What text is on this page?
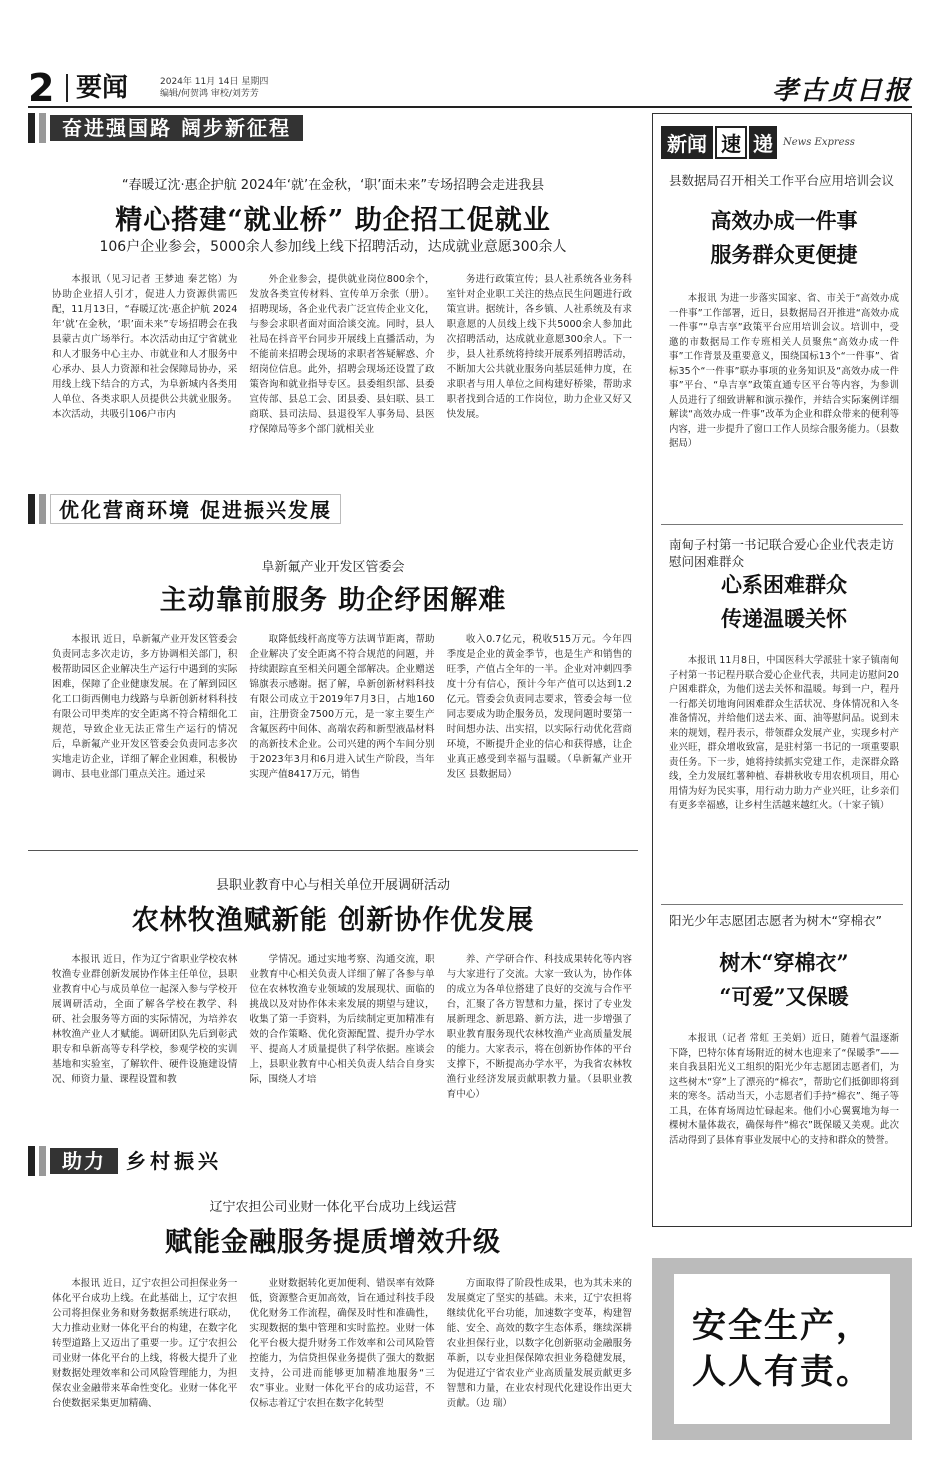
2 要闻	2024年 11月 14日 星期四
编辑/何贺鸿 审校/刘芳芳	孝古贞日报
奋进强国路 阔步新征程
“春暖辽沈·惠企护航 2024年‘就’在金秋，‘职’面未来”专场招聘会走进我县
精心搭建“就业桥” 助企招工促就业
106户企业参会，5000余人参加线上线下招聘活动，达成就业意愿300余人

本报讯（见习记者 王梦迪 秦艺铭）为协助企业招人引才，促进人力资源供需匹配，11月13日，“春暖辽沈·惠企护航 2024年‘就’在金秋，‘职’面未来”专场招聘会在我县蒙古贞广场举行。本次活动由辽宁省就业和人才服务中心主办、市就业和人才服务中心承办、县人力资源和社会保障局协办，采用线上线下结合的方式，为阜新城内各类用人单位、各类求职人员提供公共就业服务。本次活动，共吸引106户市内

外企业参会，提供就业岗位800余个，发放各类宣传材料、宣传单万余张（册）。招聘现场，各企业代表广泛宣传企业文化，与参会求职者面对面洽谈交流。同时，县人社局在抖音平台同步开展线上直播活动，为不能前来招聘会现场的求职者答疑解惑、介绍岗位信息。此外，招聘会现场还设置了政策咨询和就业指导专区。县委组织部、县委宣传部、县总工会、团县委、县妇联、县工商联、县司法局、县退役军人事务局、县医疗保障局等多个部门就相关业

务进行政策宣传；县人社系统各业务科室针对企业职工关注的热点民生问题进行政策宣讲。据统计，各乡镇、人社系统及有求职意愿的人员线上线下共5000余人参加此次招聘活动，达成就业意愿300余人。下一步，县人社系统将持续开展系列招聘活动，不断加大公共就业服务向基层延伸力度，在求职者与用人单位之间构建好桥梁，帮助求职者找到合适的工作岗位，助力企业又好又快发展。

优化营商环境 促进振兴发展
阜新氟产业开发区管委会
主动靠前服务 助企纾困解难

本报讯 近日，阜新氟产业开发区管委会负责同志多次走访，多方协调相关部门，积极帮助园区企业解决生产运行中遇到的实际困难，保障了企业健康发展。在了解到园区化工口街西侧电力线路与阜新创新材料科技有限公司甲类库的安全距离不符合精细化工规范，导致企业无法正常生产运行的情况后，阜新氟产业开发区管委会负责同志多次实地走访企业，详细了解企业困难，积极协调市、县电业部门重点关注。通过采

取降低线杆高度等方法调节距离，帮助企业解决了安全距离不符合规范的问题，并持续跟踪直至相关问题全部解决。企业赠送锦旗表示感谢。据了解，阜新创新材料科技有限公司成立于2019年7月3日，占地160亩，注册资金7500万元，是一家主要生产含氟医药中间体、高端农药和新型液晶材料的高新技术企业。公司兴建的两个车间分别于2023年3月和6月进入试生产阶段，当年实现产值8417万元，销售

收入0.7亿元，税收515万元。今年四季度是企业的黄金季节，也是生产和销售的旺季，产值占全年的一半。企业对冲刺四季度十分有信心，预计今年产值可以达到1.2亿元。管委会负责同志要求，管委会每一位同志要成为助企服务员，发现问题时要第一时间想办法、出实招，以实际行动优化营商环境，不断提升企业的信心和获得感，让企业真正感受到幸福与温暖。（阜新氟产业开发区 县数据局）

县职业教育中心与相关单位开展调研活动
农林牧渔赋新能 创新协作优发展

本报讯 近日，作为辽宁省职业学校农林牧渔专业群创新发展协作体主任单位，县职业教育中心与成员单位一起深入参与学校开展调研活动，全面了解各学校在教学、科研、社会服务等方面的实际情况，为培养农林牧渔产业人才赋能。调研团队先后到彰武职专和阜新高等专科学校，参观学校的实训基地和实验室，了解软件、硬件设施建设情况、师资力量、课程设置和教

学情况。通过实地考察、沟通交流，职业教育中心相关负责人详细了解了各参与单位在农林牧渔专业领域的发展现状、面临的挑战以及对协作体未来发展的期望与建议，收集了第一手资料，为后续制定更加精准有效的合作策略、优化资源配置、提升办学水平、提高人才质量提供了科学依据。座谈会上，县职业教育中心相关负责人结合自身实际，围绕人才培

养、产学研合作、科技成果转化等内容与大家进行了交流。大家一致认为，协作体的成立为各单位搭建了良好的交流与合作平台，汇聚了各方智慧和力量，探讨了专业发展新理念、新思路、新方法，进一步增强了职业教育服务现代农林牧渔产业高质量发展的能力。大家表示，将在创新协作体的平台支撑下，不断提高办学水平，为我省农林牧渔行业经济发展贡献职教力量。（县职业教育中心）

助力	乡村振兴
辽宁农担公司业财一体化平台成功上线运营
赋能金融服务提质增效升级

本报讯 近日，辽宁农担公司担保业务一体化平台成功上线。在此基础上，辽宁农担公司将担保业务和财务数据系统进行联动，大力推动业财一体化平台的构建，在数字化转型道路上又迈出了重要一步。辽宁农担公司业财一体化平台的上线，将极大提升了业财数据处理效率和公司风险管理能力，为担保农业金融带来革命性变化。业财一体化平台使数据采集更加精确、

业财数据转化更加便利、错误率有效降低，资源整合更加高效，旨在通过科技手段优化财务工作流程，确保及时性和准确性，实现数据的集中管理和实时监控。业财一体化平台极大提升财务工作效率和公司风险管控能力，为信贷担保业务提供了强大的数据支持，公司进而能够更加精准地服务“三农”事业。业财一体化平台的成功运营，不仅标志着辽宁农担在数字化转型

方面取得了阶段性成果，也为其未来的发展奠定了坚实的基础。未来，辽宁农担将继续优化平台功能，加速数字变革，构建智能、安全、高效的数字生态体系，继续深耕农业担保行业，以数字化创新驱动金融服务革新，以专业担保保障农担业务稳健发展，为促进辽宁省农业产业高质量发展贡献更多智慧和力量，在业农村现代化建设作出更大贡献。（边 瑞）

新闻 速 递	News Express
县数据局召开相关工作平台应用培训会议
高效办成一件事
服务群众更便捷

本报讯 为进一步落实国家、省、市关于“高效办成一件事”工作部署，近日，县数据局召开推进“高效办成一件事”“阜吉享”政策平台应用培训会议。培训中，受邀的市数据局工作专班相关人员聚焦“高效办成一件事”工作背景及重要意义，围绕国标13个“一件事”、省标35个“一件事”联办事项的业务知识及“高效办成一件事”平台、“阜吉享”政策直通专区平台等内容，为参训人员进行了细致讲解和演示操作，并结合实际案例详细解读“高效办成一件事”改革为企业和群众带来的便利等内容，进一步提升了窗口工作人员综合服务能力。（县数据局）

南甸子村第一书记联合爱心企业代表走访慰问困难群众
心系困难群众
传递温暖关怀

本报讯 11月8日，中国医科大学派驻十家子镇南甸子村第一书记程丹联合爱心企业代表，共同走访慰问20户困难群众，为他们送去关怀和温暖。每到一户，程丹一行都关切地询问困难群众生活状况、身体情况和入冬准备情况，并给他们送去米、面、油等慰问品。说到未来的规划，程丹表示，带领群众发展产业，实现乡村产业兴旺，群众增收致富，是驻村第一书记的一项重要职责任务。下一步，她将持续抓实党建工作，走深群众路线，全力发展红薯种植、春耕秋收专用农机项目，用心用情为好为民实事，用行动力助力产业兴旺，让乡亲们有更多幸福感，让乡村生活越来越红火。（十家子镇）

阳光少年志愿团志愿者为树木“穿棉衣”
树木“穿棉衣”
“可爱”又保暖

本报讯（记者 常虹 王美娟）近日，随着气温逐渐下降，巴特尔体育场附近的树木也迎来了“保暖季”——来自我县阳光义工组织的阳光少年志愿团志愿者们，为这些树木“穿”上了漂亮的“棉衣”，帮助它们抵御即将到来的寒冬。活动当天，小志愿者们手持“棉衣”、绳子等工具，在体育场周边忙碌起来。他们小心翼翼地为每一棵树木量体裁衣，确保每件“棉衣”既保暖又美观。此次活动得到了县体育事业发展中心的支持和群众的赞誉。

安全生产，
人人有责。
